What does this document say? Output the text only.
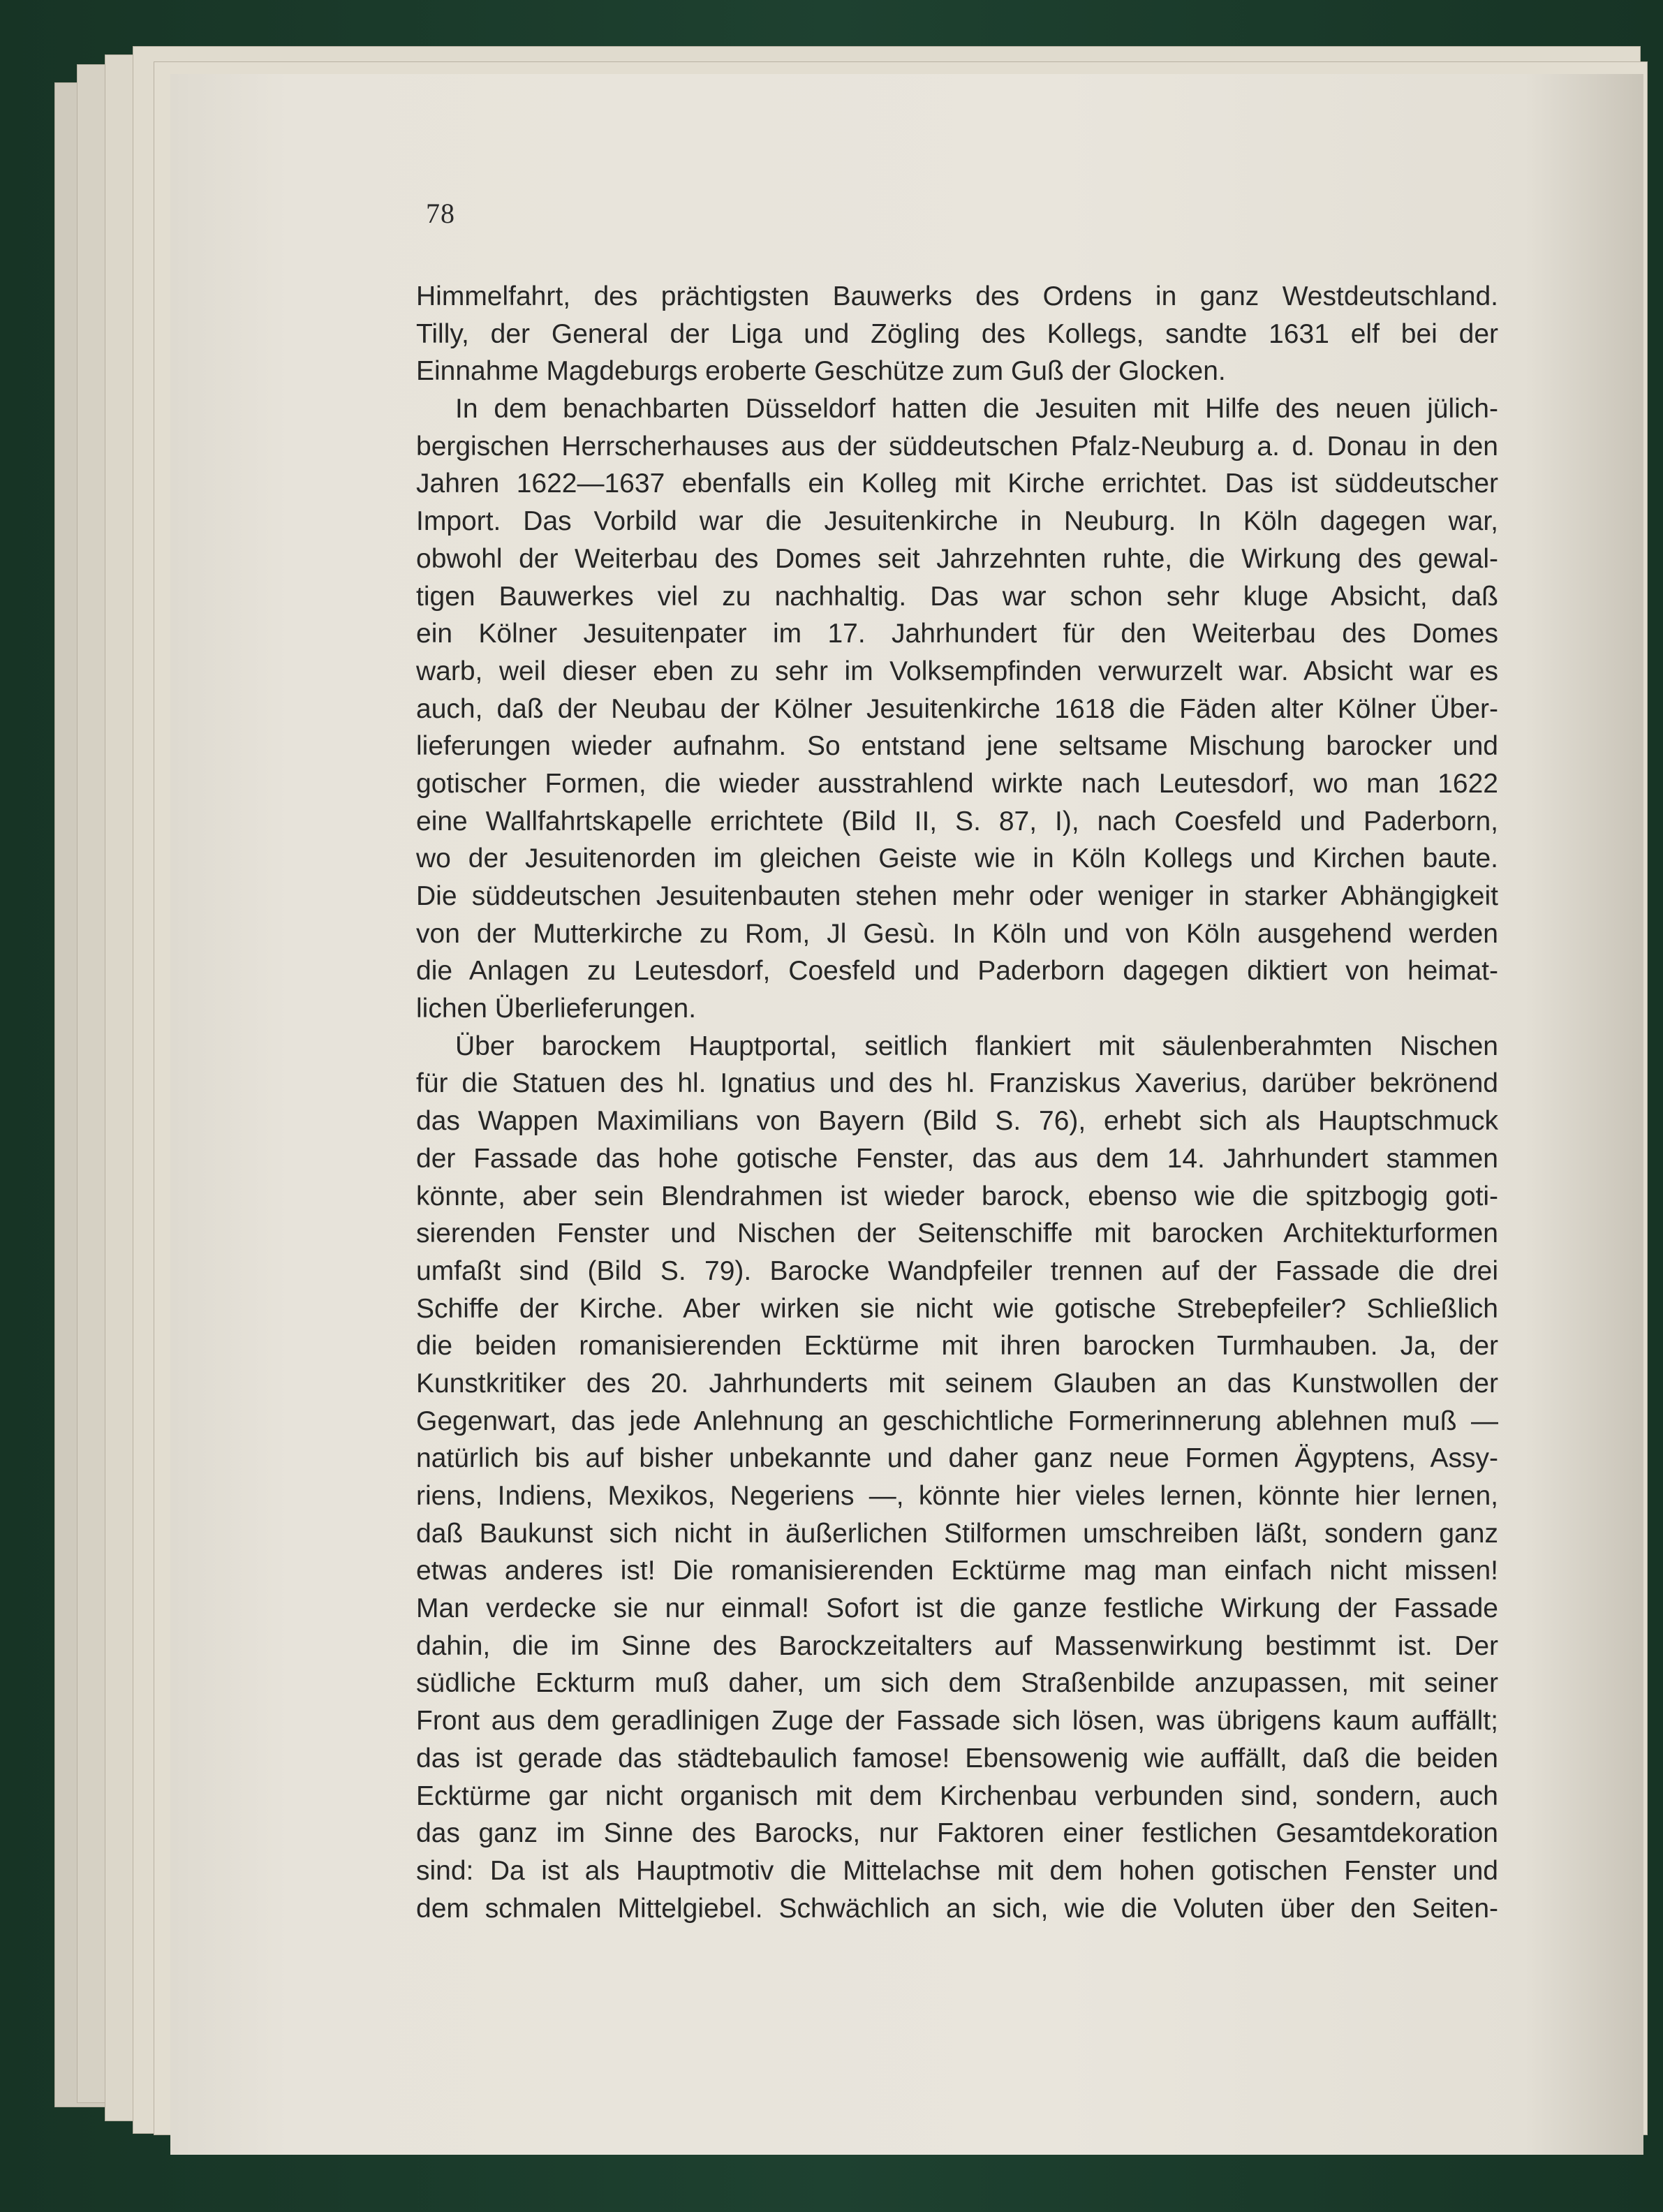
78
Himmelfahrt, des prächtigsten Bauwerks des Ordens in ganz Westdeutschland.
Tilly, der General der Liga und Zögling des Kollegs, sandte 1631 elf bei der
Einnahme Magdeburgs eroberte Geschütze zum Guß der Glocken.
In dem benachbarten Düsseldorf hatten die Jesuiten mit Hilfe des neuen jülich-
bergischen Herrscherhauses aus der süddeutschen Pfalz-Neuburg a. d. Donau in den
Jahren 1622—1637 ebenfalls ein Kolleg mit Kirche errichtet. Das ist süddeutscher
Import. Das Vorbild war die Jesuitenkirche in Neuburg. In Köln dagegen war,
obwohl der Weiterbau des Domes seit Jahrzehnten ruhte, die Wirkung des gewal-
tigen Bauwerkes viel zu nachhaltig. Das war schon sehr kluge Absicht, daß
ein Kölner Jesuitenpater im 17. Jahrhundert für den Weiterbau des Domes
warb, weil dieser eben zu sehr im Volksempfinden verwurzelt war. Absicht war es
auch, daß der Neubau der Kölner Jesuitenkirche 1618 die Fäden alter Kölner Über-
lieferungen wieder aufnahm. So entstand jene seltsame Mischung barocker und
gotischer Formen, die wieder ausstrahlend wirkte nach Leutesdorf, wo man 1622
eine Wallfahrtskapelle errichtete (Bild II, S. 87, I), nach Coesfeld und Paderborn,
wo der Jesuitenorden im gleichen Geiste wie in Köln Kollegs und Kirchen baute.
Die süddeutschen Jesuitenbauten stehen mehr oder weniger in starker Abhängigkeit
von der Mutterkirche zu Rom, Jl Gesù. In Köln und von Köln ausgehend werden
die Anlagen zu Leutesdorf, Coesfeld und Paderborn dagegen diktiert von heimat-
lichen Überlieferungen.
Über barockem Hauptportal, seitlich flankiert mit säulenberahmten Nischen
für die Statuen des hl. Ignatius und des hl. Franziskus Xaverius, darüber bekrönend
das Wappen Maximilians von Bayern (Bild S. 76), erhebt sich als Hauptschmuck
der Fassade das hohe gotische Fenster, das aus dem 14. Jahrhundert stammen
könnte, aber sein Blendrahmen ist wieder barock, ebenso wie die spitzbogig goti-
sierenden Fenster und Nischen der Seitenschiffe mit barocken Architekturformen
umfaßt sind (Bild S. 79). Barocke Wandpfeiler trennen auf der Fassade die drei
Schiffe der Kirche. Aber wirken sie nicht wie gotische Strebepfeiler? Schließlich
die beiden romanisierenden Ecktürme mit ihren barocken Turmhauben. Ja, der
Kunstkritiker des 20. Jahrhunderts mit seinem Glauben an das Kunstwollen der
Gegenwart, das jede Anlehnung an geschichtliche Formerinnerung ablehnen muß —
natürlich bis auf bisher unbekannte und daher ganz neue Formen Ägyptens, Assy-
riens, Indiens, Mexikos, Negeriens —, könnte hier vieles lernen, könnte hier lernen,
daß Baukunst sich nicht in äußerlichen Stilformen umschreiben läßt, sondern ganz
etwas anderes ist! Die romanisierenden Ecktürme mag man einfach nicht missen!
Man verdecke sie nur einmal! Sofort ist die ganze festliche Wirkung der Fassade
dahin, die im Sinne des Barockzeitalters auf Massenwirkung bestimmt ist. Der
südliche Eckturm muß daher, um sich dem Straßenbilde anzupassen, mit seiner
Front aus dem geradlinigen Zuge der Fassade sich lösen, was übrigens kaum auffällt;
das ist gerade das städtebaulich famose! Ebensowenig wie auffällt, daß die beiden
Ecktürme gar nicht organisch mit dem Kirchenbau verbunden sind, sondern, auch
das ganz im Sinne des Barocks, nur Faktoren einer festlichen Gesamtdekoration
sind: Da ist als Hauptmotiv die Mittelachse mit dem hohen gotischen Fenster und
dem schmalen Mittelgiebel. Schwächlich an sich, wie die Voluten über den Seiten-
